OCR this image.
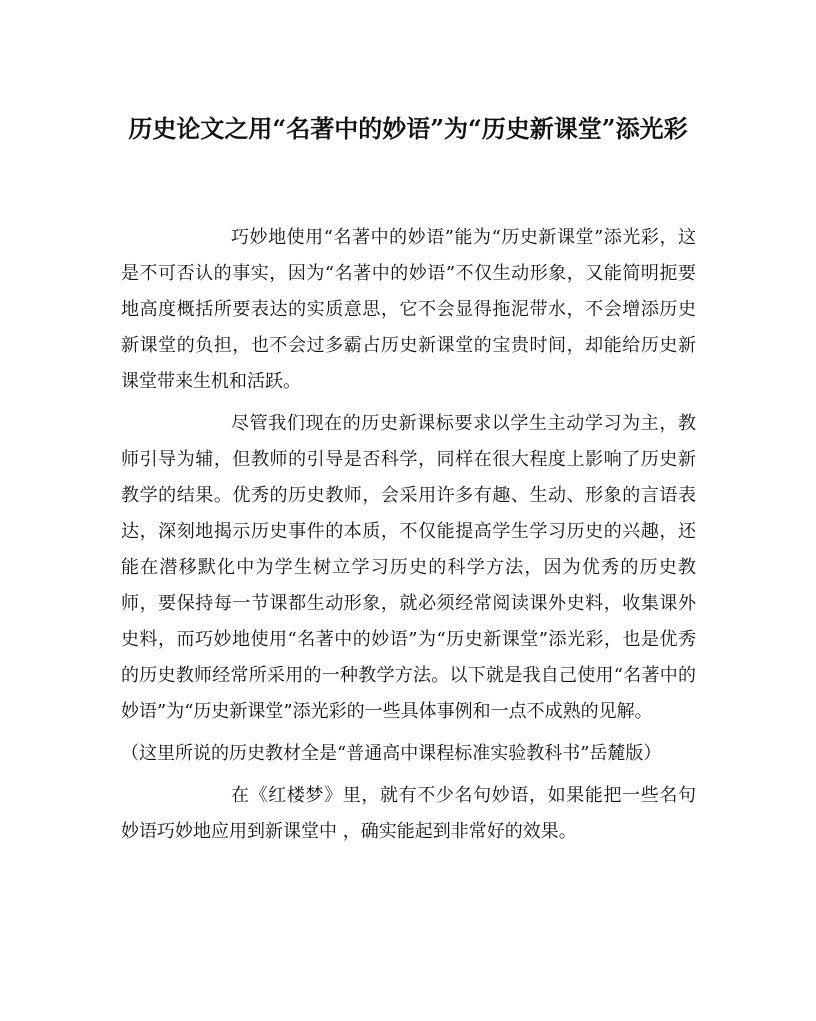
历史论文之用“名著中的妙语”为“历史新课堂”添光彩

巧妙地使用“名著中的妙语”能为“历史新课堂”添光彩，这是不可否认的事实，因为“名著中的妙语”不仅生动形象，又能简明扼要地高度概括所要表达的实质意思，它不会显得拖泥带水，不会增添历史新课堂的负担，也不会过多霸占历史新课堂的宝贵时间，却能给历史新课堂带来生机和活跃。

尽管我们现在的历史新课标要求以学生主动学习为主，教师引导为辅，但教师的引导是否科学，同样在很大程度上影响了历史新教学的结果。优秀的历史教师，会采用许多有趣、生动、形象的言语表达，深刻地揭示历史事件的本质，不仅能提高学生学习历史的兴趣，还能在潜移默化中为学生树立学习历史的科学方法，因为优秀的历史教师，要保持每一节课都生动形象，就必须经常阅读课外史料，收集课外史料，而巧妙地使用“名著中的妙语”为“历史新课堂”添光彩，也是优秀的历史教师经常所采用的一种教学方法。以下就是我自己使用“名著中的妙语”为“历史新课堂”添光彩的一些具体事例和一点不成熟的见解。

（这里所说的历史教材全是“普通高中课程标准实验教科书”岳麓版）

在《红楼梦》里，就有不少名句妙语，如果能把一些名句妙语巧妙地应用到新课堂中 ，确实能起到非常好的效果。
